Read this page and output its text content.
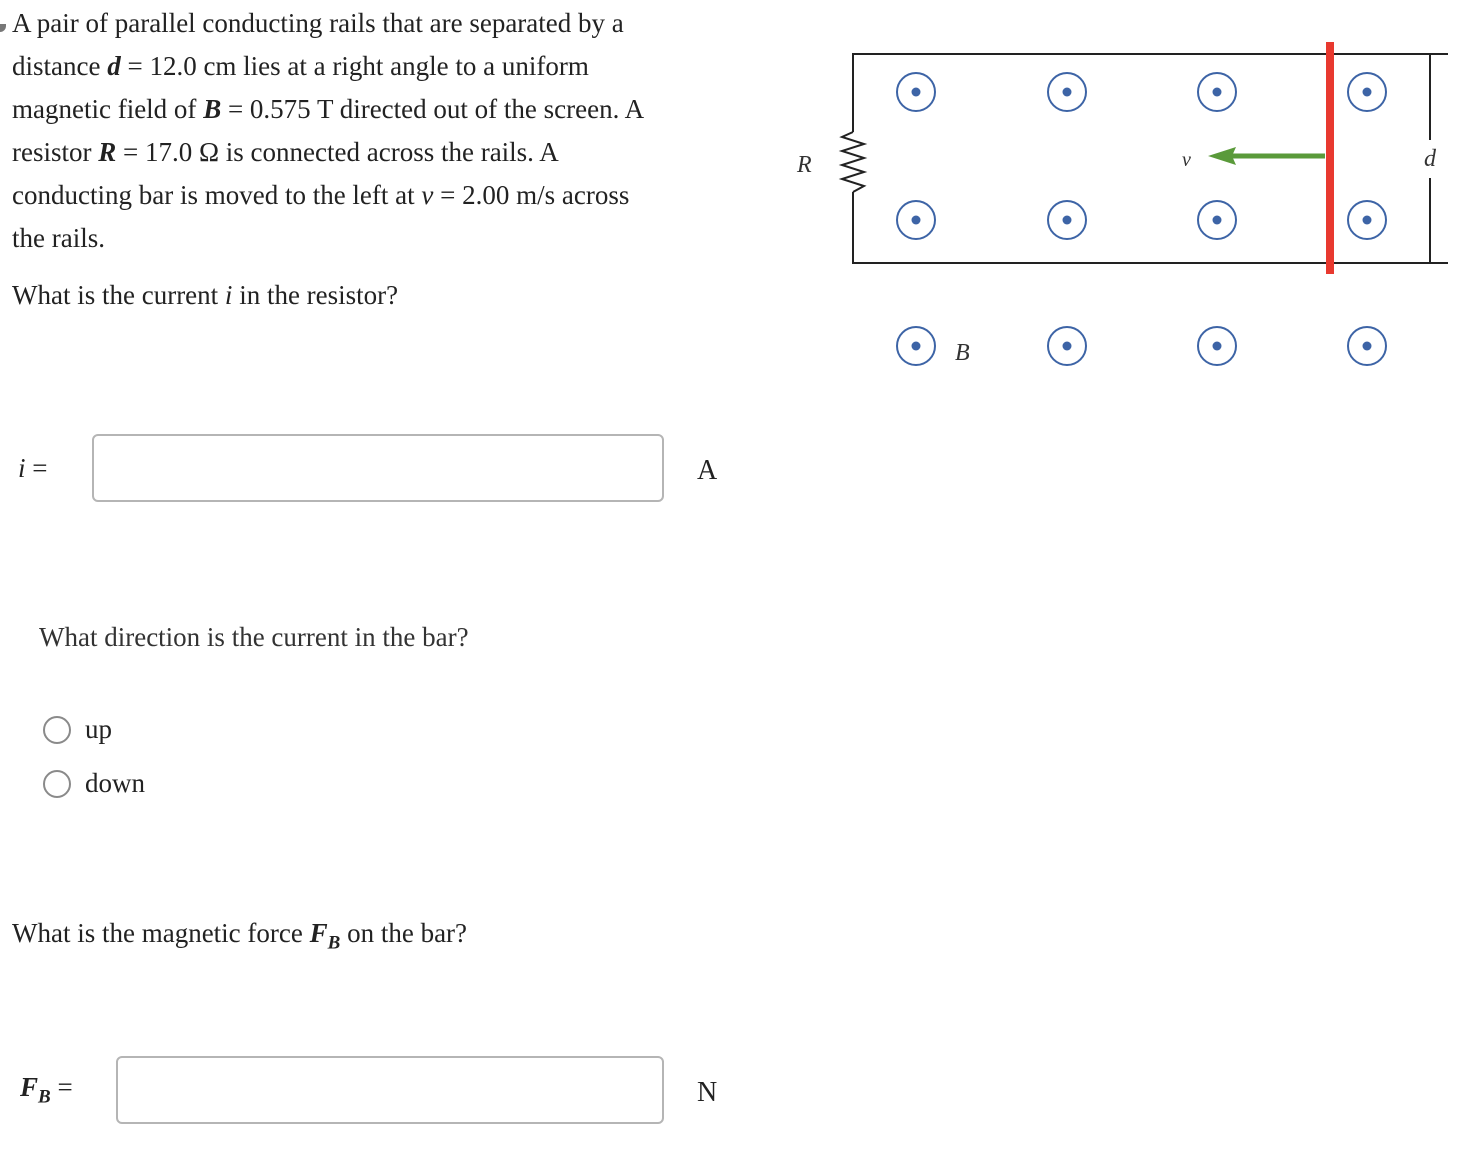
A pair of parallel conducting rails that are separated by a

distance d = 12.0 cm lies at a right angle to a uniform

magnetic field of B = 0.575 T directed out of the screen. A

resistor R = 17.0 Ω is connected across the rails. A

conducting bar is moved to the left at v = 2.00 m/s across

the rails.

What is the current i in the resistor?
i =	A
What direction is the current in the bar?
up
down
What is the magnetic force $F_B$ on the bar?
$F_B$ =	N
R	d
B
v
